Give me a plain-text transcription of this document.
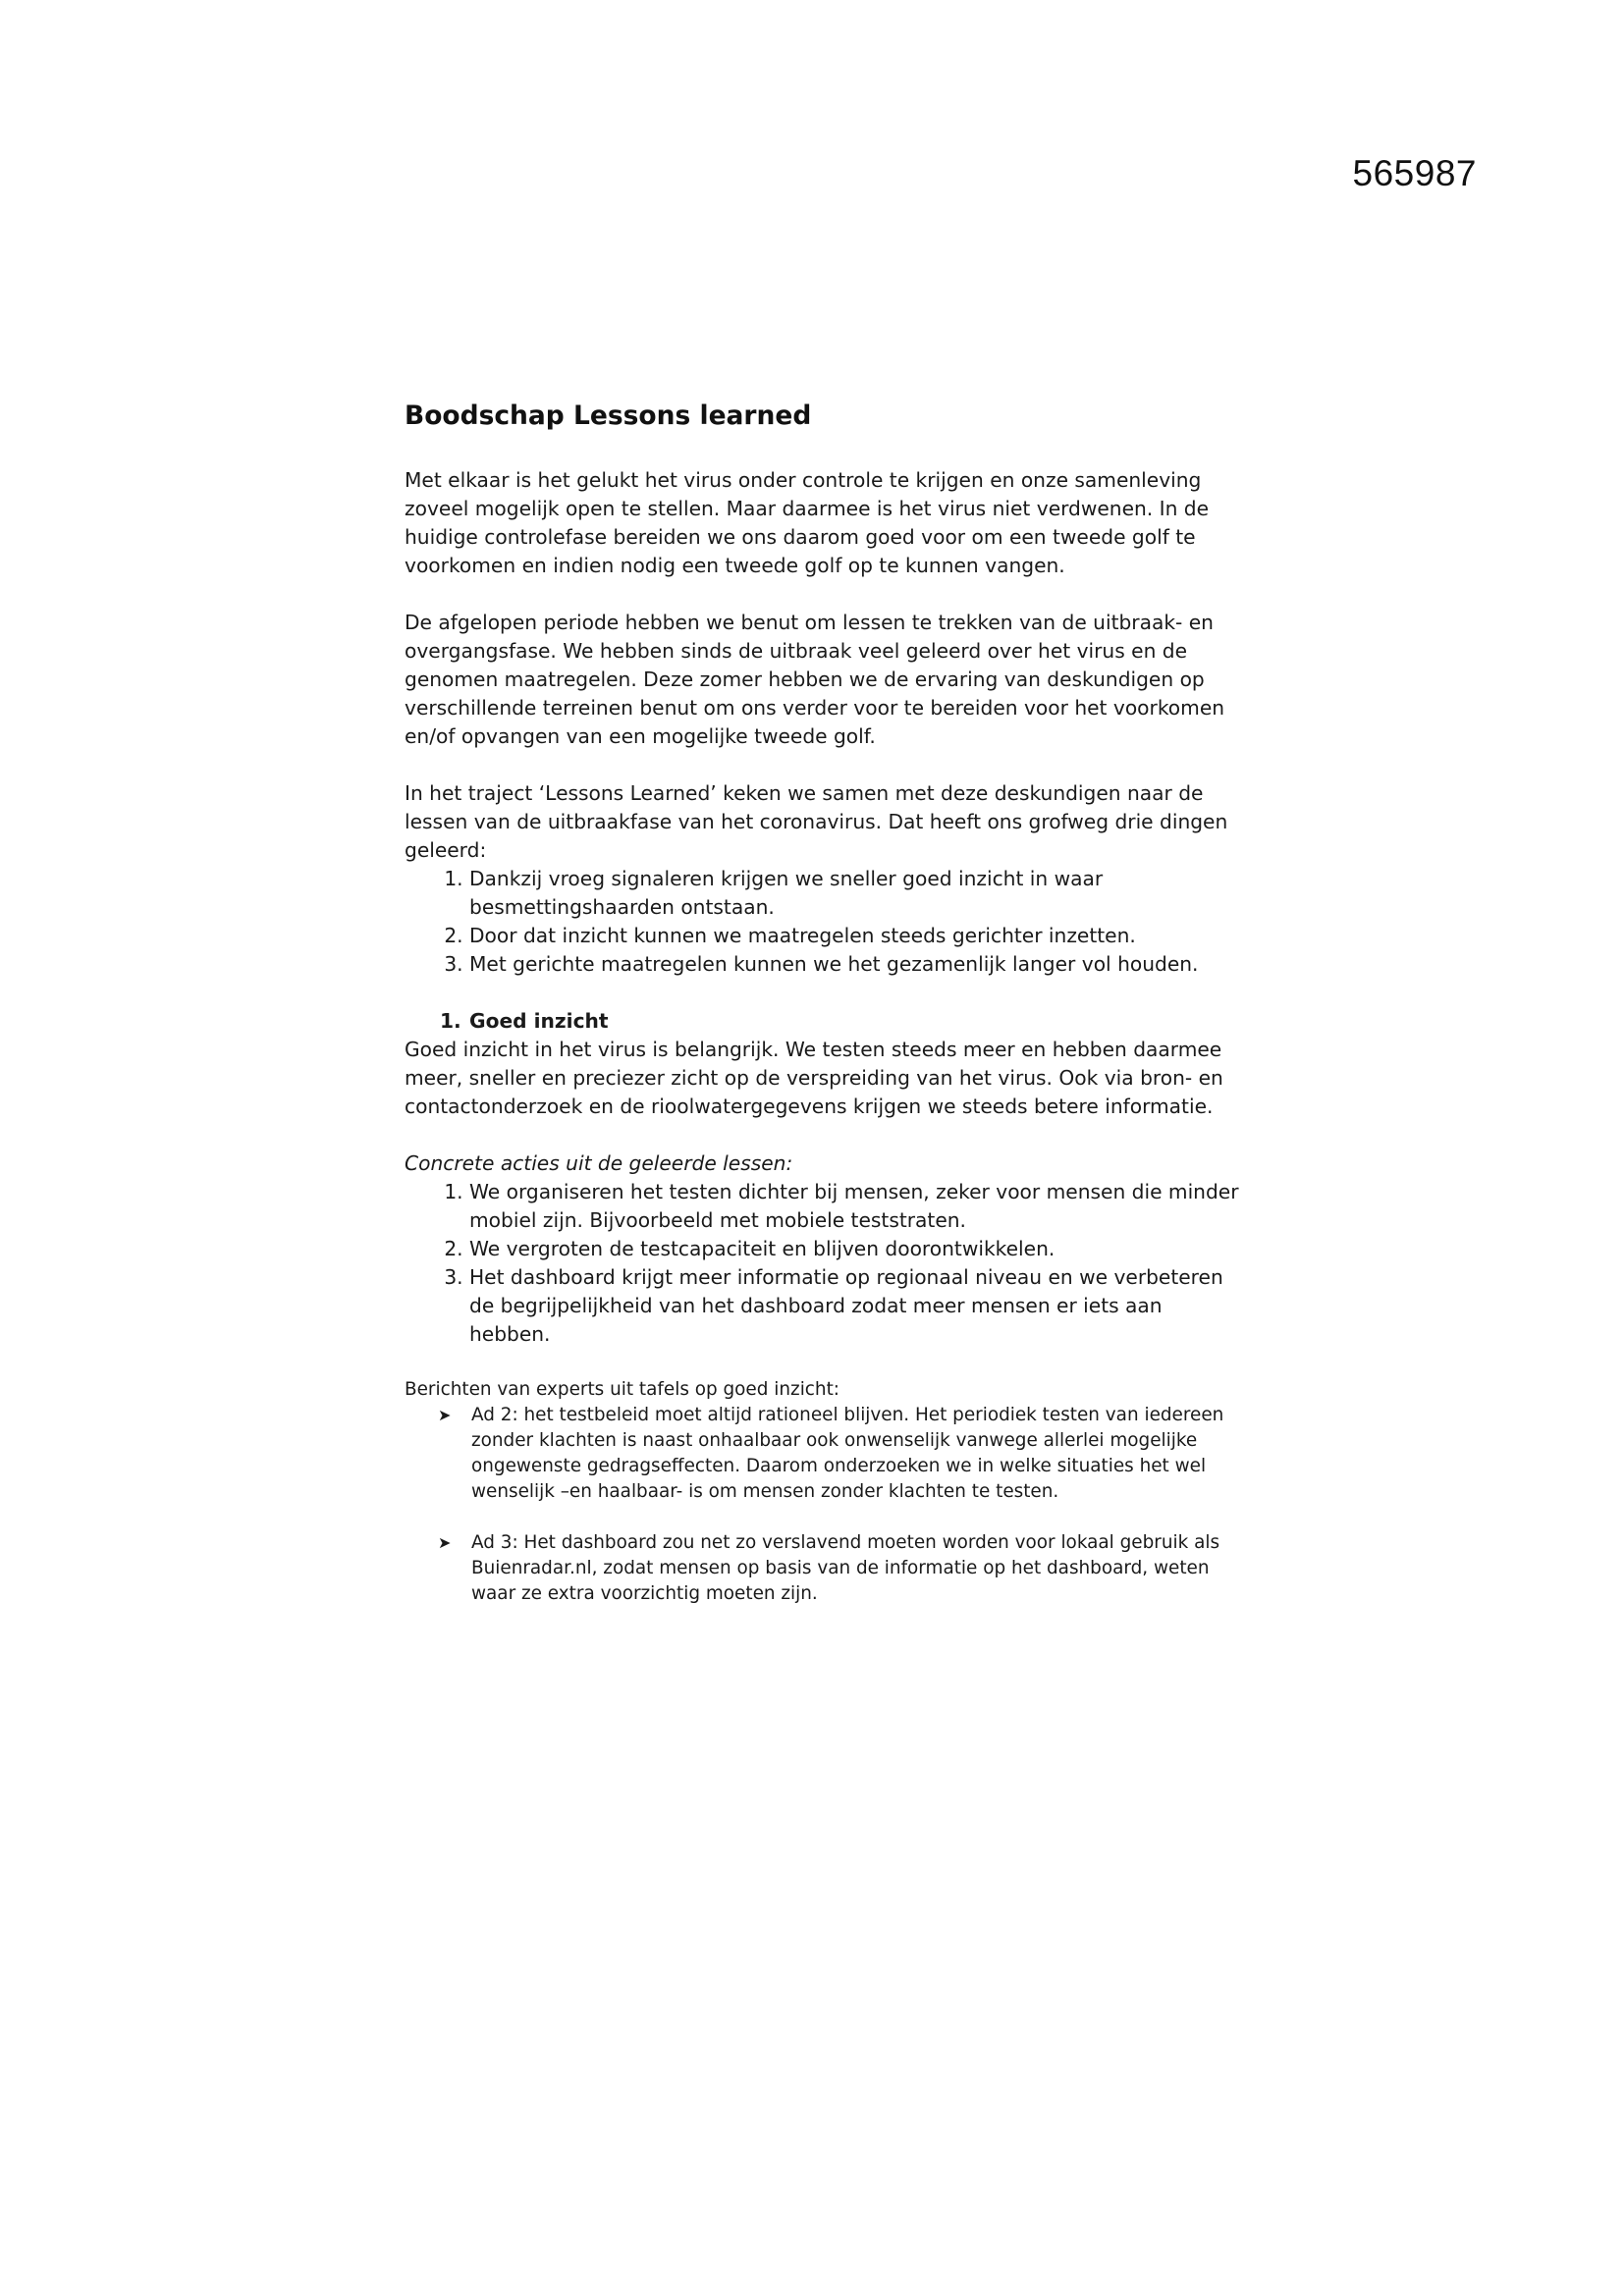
565987
Boodschap Lessons learned

Met elkaar is het gelukt het virus onder controle te krijgen en onze samenleving zoveel mogelijk open te stellen. Maar daarmee is het virus niet verdwenen. In de huidige controlefase bereiden we ons daarom goed voor om een tweede golf te voorkomen en indien nodig een tweede golf op te kunnen vangen.

De afgelopen periode hebben we benut om lessen te trekken van de uitbraak- en overgangsfase. We hebben sinds de uitbraak veel geleerd over het virus en de genomen maatregelen. Deze zomer hebben we de ervaring van deskundigen op verschillende terreinen benut om ons verder voor te bereiden voor het voorkomen en/of opvangen van een mogelijke tweede golf.

In het traject ‘Lessons Learned’ keken we samen met deze deskundigen naar de lessen van de uitbraakfase van het coronavirus. Dat heeft ons grofweg drie dingen geleerd:

1. Dankzij vroeg signaleren krijgen we sneller goed inzicht in waar besmettingshaarden ontstaan.
2. Door dat inzicht kunnen we maatregelen steeds gerichter inzetten.
3. Met gerichte maatregelen kunnen we het gezamenlijk langer vol houden.
1. Goed inzicht

Goed inzicht in het virus is belangrijk. We testen steeds meer en hebben daarmee meer, sneller en preciezer zicht op de verspreiding van het virus. Ook via bron- en contactonderzoek en de rioolwatergegevens krijgen we steeds betere informatie.

Concrete acties uit de geleerde lessen:
1. We organiseren het testen dichter bij mensen, zeker voor mensen die minder mobiel zijn. Bijvoorbeeld met mobiele teststraten.
2. We vergroten de testcapaciteit en blijven doorontwikkelen.
3. Het dashboard krijgt meer informatie op regionaal niveau en we verbeteren de begrijpelijkheid van het dashboard zodat meer mensen er iets aan hebben.

Berichten van experts uit tafels op goed inzicht:

➤ Ad 2: het testbeleid moet altijd rationeel blijven. Het periodiek testen van iedereen zonder klachten is naast onhaalbaar ook onwenselijk vanwege allerlei mogelijke ongewenste gedragseffecten. Daarom onderzoeken we in welke situaties het wel wenselijk –en haalbaar- is om mensen zonder klachten te testen.
➤ Ad 3: Het dashboard zou net zo verslavend moeten worden voor lokaal gebruik als Buienradar.nl, zodat mensen op basis van de informatie op het dashboard, weten waar ze extra voorzichtig moeten zijn.
